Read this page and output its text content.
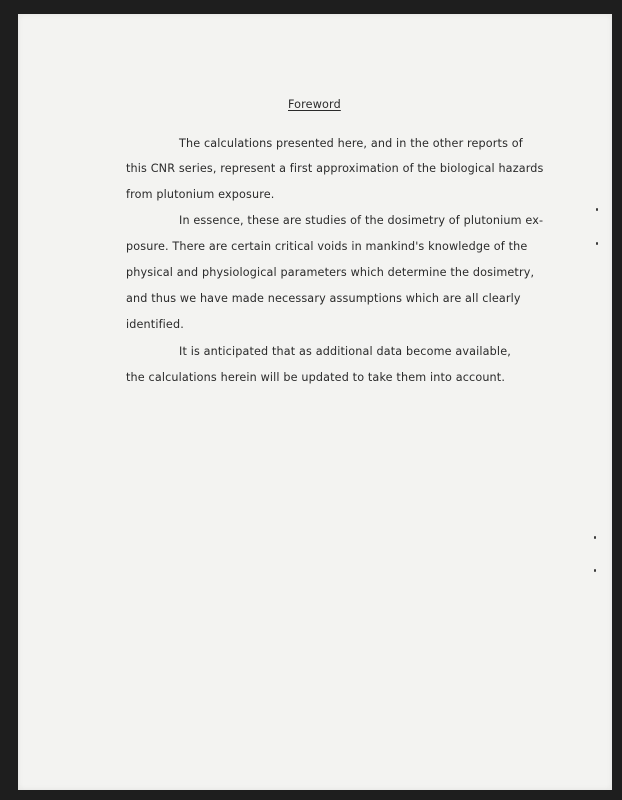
Foreword
The calculations presented here, and in the other reports of
this CNR series, represent a first approximation of the biological hazards
from plutonium exposure.
In essence, these are studies of the dosimetry of plutonium ex-
posure. There are certain critical voids in mankind's knowledge of the
physical and physiological parameters which determine the dosimetry,
and thus we have made necessary assumptions which are all clearly
identified.
It is anticipated that as additional data become available,
the calculations herein will be updated to take them into account.
